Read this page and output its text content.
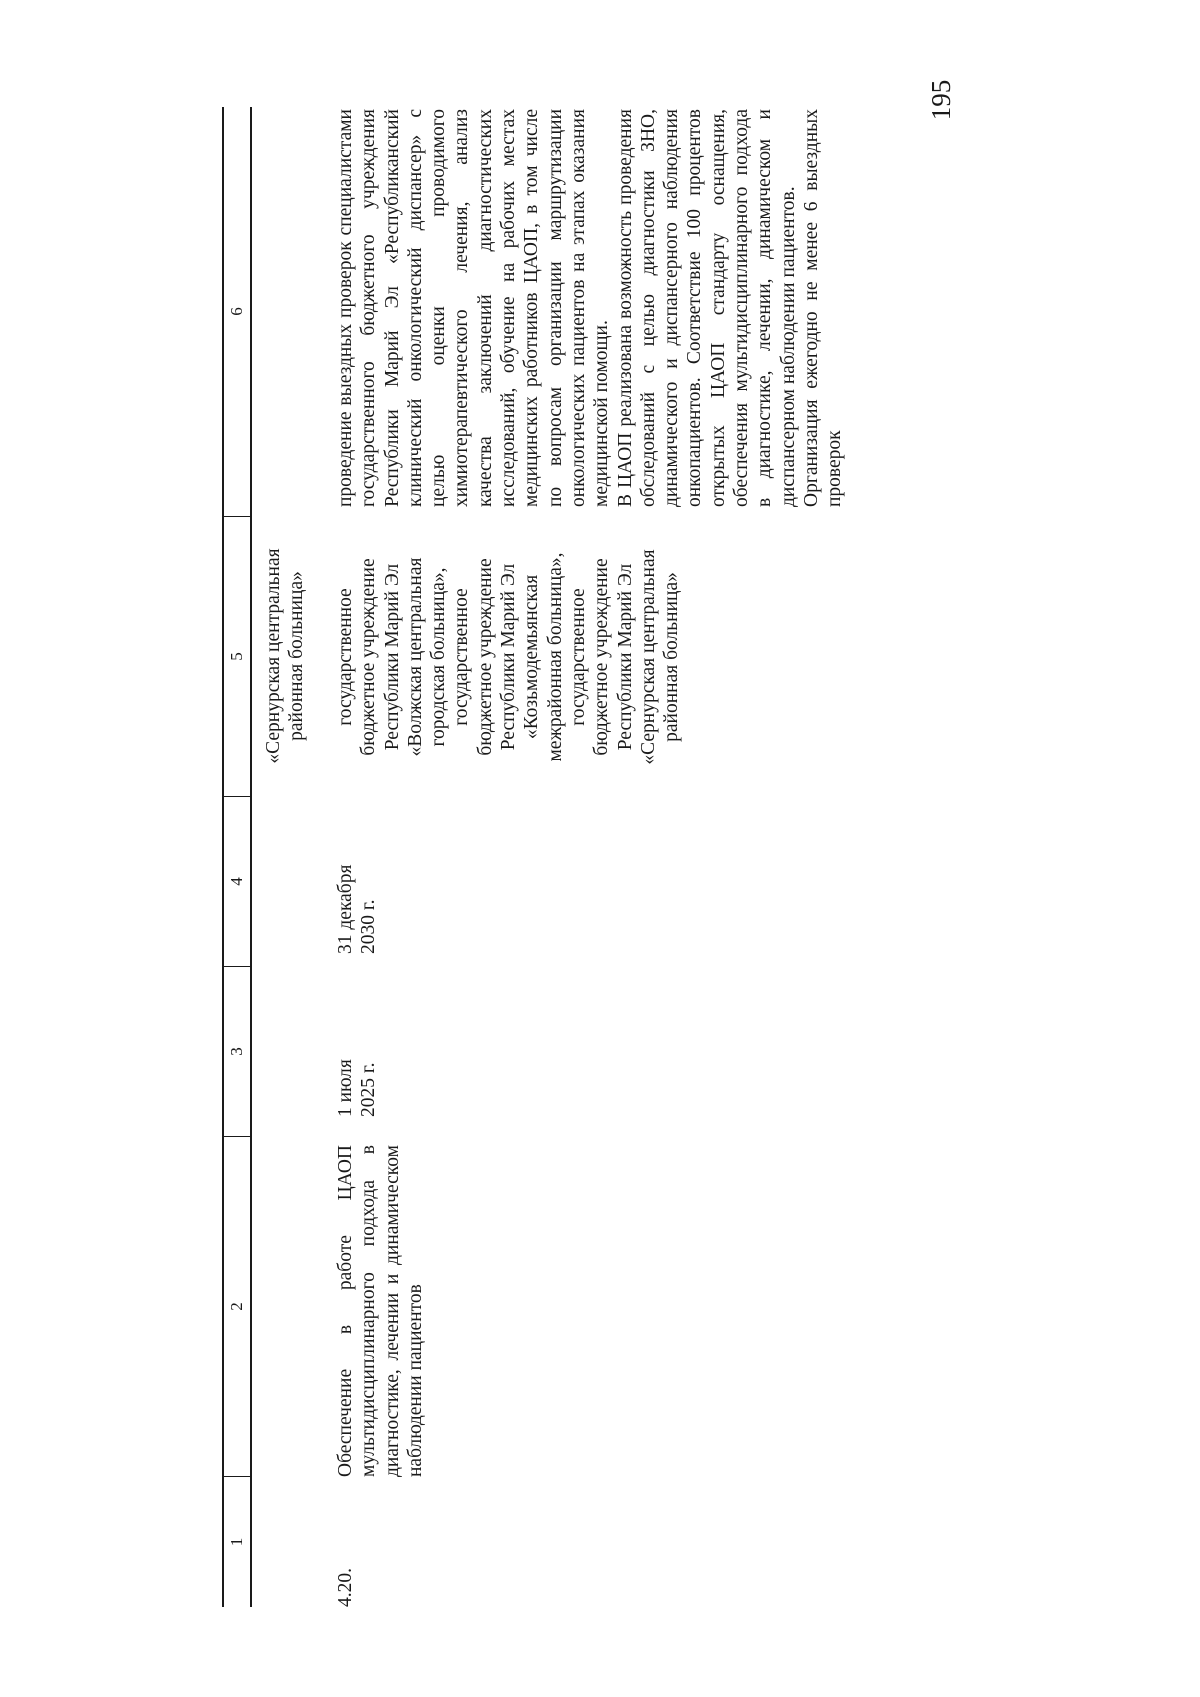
195
1
2
3
4
5
6
«Сернурская центральная районная больница»
4.20.
Обеспечение в работе ЦАОП мультидисциплинарного подхода в диагностике, лечении и динамическом наблюдении пациентов
1 июля 2025 г.
31 декабря 2030 г.
государственное бюджетное учреждение Республики Марий Эл «Волжская центральная городская больница», государственное бюджетное учреждение Республики Марий Эл «Козьмодемьянская межрайонная больница», государственное бюджетное учреждение Республики Марий Эл «Сернурская центральная районная больница»
проведение выездных проверок специалистами государственного бюджетного учреждения Республики Марий Эл «Республиканский клинический онкологический диспансер» с целью оценки проводимого химиотерапевтического лечения, анализ качества заключений диагностических исследований, обучение на рабочих местах медицинских работников ЦАОП, в том числе по вопросам организации маршрутизации онкологических пациентов на этапах оказания медицинской помощи. В ЦАОП реализована возможность проведения обследований с целью диагностики ЗНО, динамического и диспансерного наблюдения онкопациентов. Соответствие 100 процентов открытых ЦАОП стандарту оснащения, обеспечения мультидисциплинарного подхода в диагностике, лечении, динамическом и диспансерном наблюдении пациентов. Организация ежегодно не менее 6 выездных проверок
